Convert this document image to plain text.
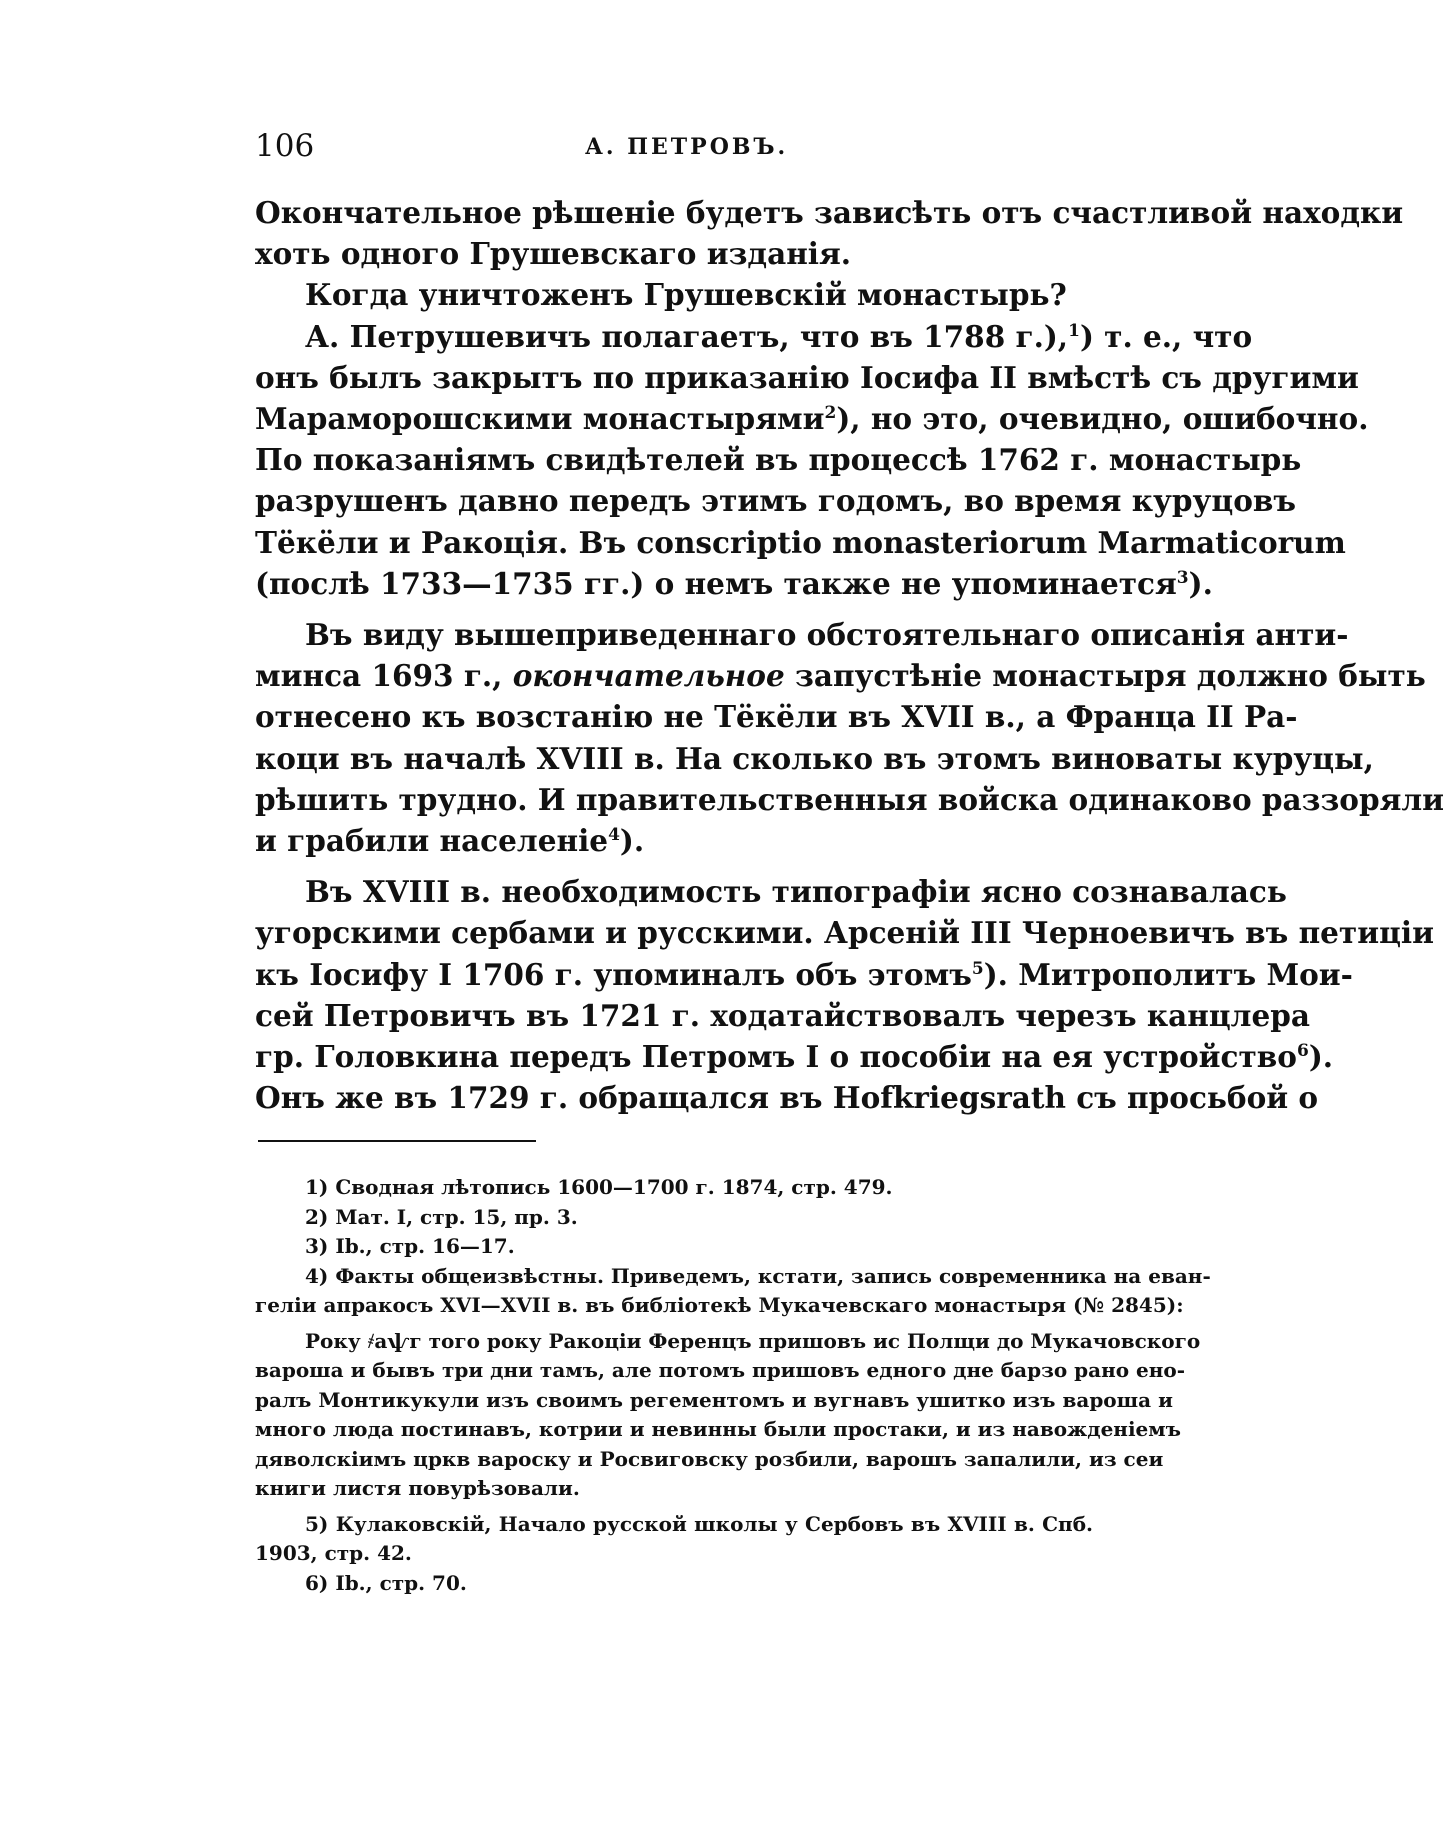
106	А. ПЕТРОВЪ.
Окончательное рѣшеніе будетъ зависѣть отъ счастливой находки
хоть одного Грушевскаго изданія.
Когда уничтоженъ Грушевскій монастырь?
А. Петрушевичъ полагаетъ, что въ 1788 г.),$^1$) т. е., что
онъ былъ закрытъ по приказанію Іосифа II вмѣстѣ съ другими
Мараморошскими монастырями$^2$), но это, очевидно, ошибочно.
По показаніямъ свидѣтелей въ процессѣ 1762 г. монастырь
разрушенъ давно передъ этимъ годомъ, во время куруцовъ
Тёкёли и Ракоція. Въ conscriptio monasteriorum Marmaticorum
(послѣ 1733—1735 гг.) о немъ также не упоминается$^3$).
Въ виду вышеприведеннаго обстоятельнаго описанія анти-
минса 1693 г., окончательное запустѣніе монастыря должно быть
отнесено къ возстанію не Тёкёли въ XVII в., а Франца II Ра-
коци въ началѣ XVIII в. На сколько въ этомъ виноваты куруцы,
рѣшить трудно. И правительственныя войска одинаково раззоряли
и грабили населеніе$^4$).
Въ XVIII в. необходимость типографіи ясно сознавалась
угорскими сербами и русскими. Арсеній III Черноевичъ въ петиціи
къ Іосифу I 1706 г. упоминалъ объ этомъ$^5$). Митрополитъ Мои-
сей Петровичъ въ 1721 г. ходатайствовалъ черезъ канцлера
гр. Головкина передъ Петромъ I о пособіи на ея устройство$^6$).
Онъ же въ 1729 г. обращался въ Hofkriegsrath съ просьбой о
1) Сводная лѣтопись 1600—1700 г. 1874, стр. 479.
2) Мат. I, стр. 15, пр. 3.
3) Ib., стр. 16—17.
4) Факты общеизвѣстны. Приведемъ, кстати, запись современника на еван-
геліи апракосъ XVI—XVII в. въ библіотекѣ Мукачевскаго монастыря (№ 2845):
Року ҂аѱг того року Ракоціи Ференцъ пришовъ ис Полщи до Мукачовского
вароша и бывъ три дни тамъ, але потомъ пришовъ едного дне барзо рано ено-
ралъ Монтикукули изъ своимъ регементомъ и вугнавъ ушитко изъ вароша и
много люда постинавъ, котрии и невинны были простаки, и из навожденіемъ
дяволскіимъ цркв вароску и Росвиговску розбили, варошъ запалили, из сеи
книги листя повурѣзовали.
5) Кулаковскій, Начало русской школы у Сербовъ въ XVIII в. Спб.
1903, стр. 42.
6) Ib., стр. 70.
